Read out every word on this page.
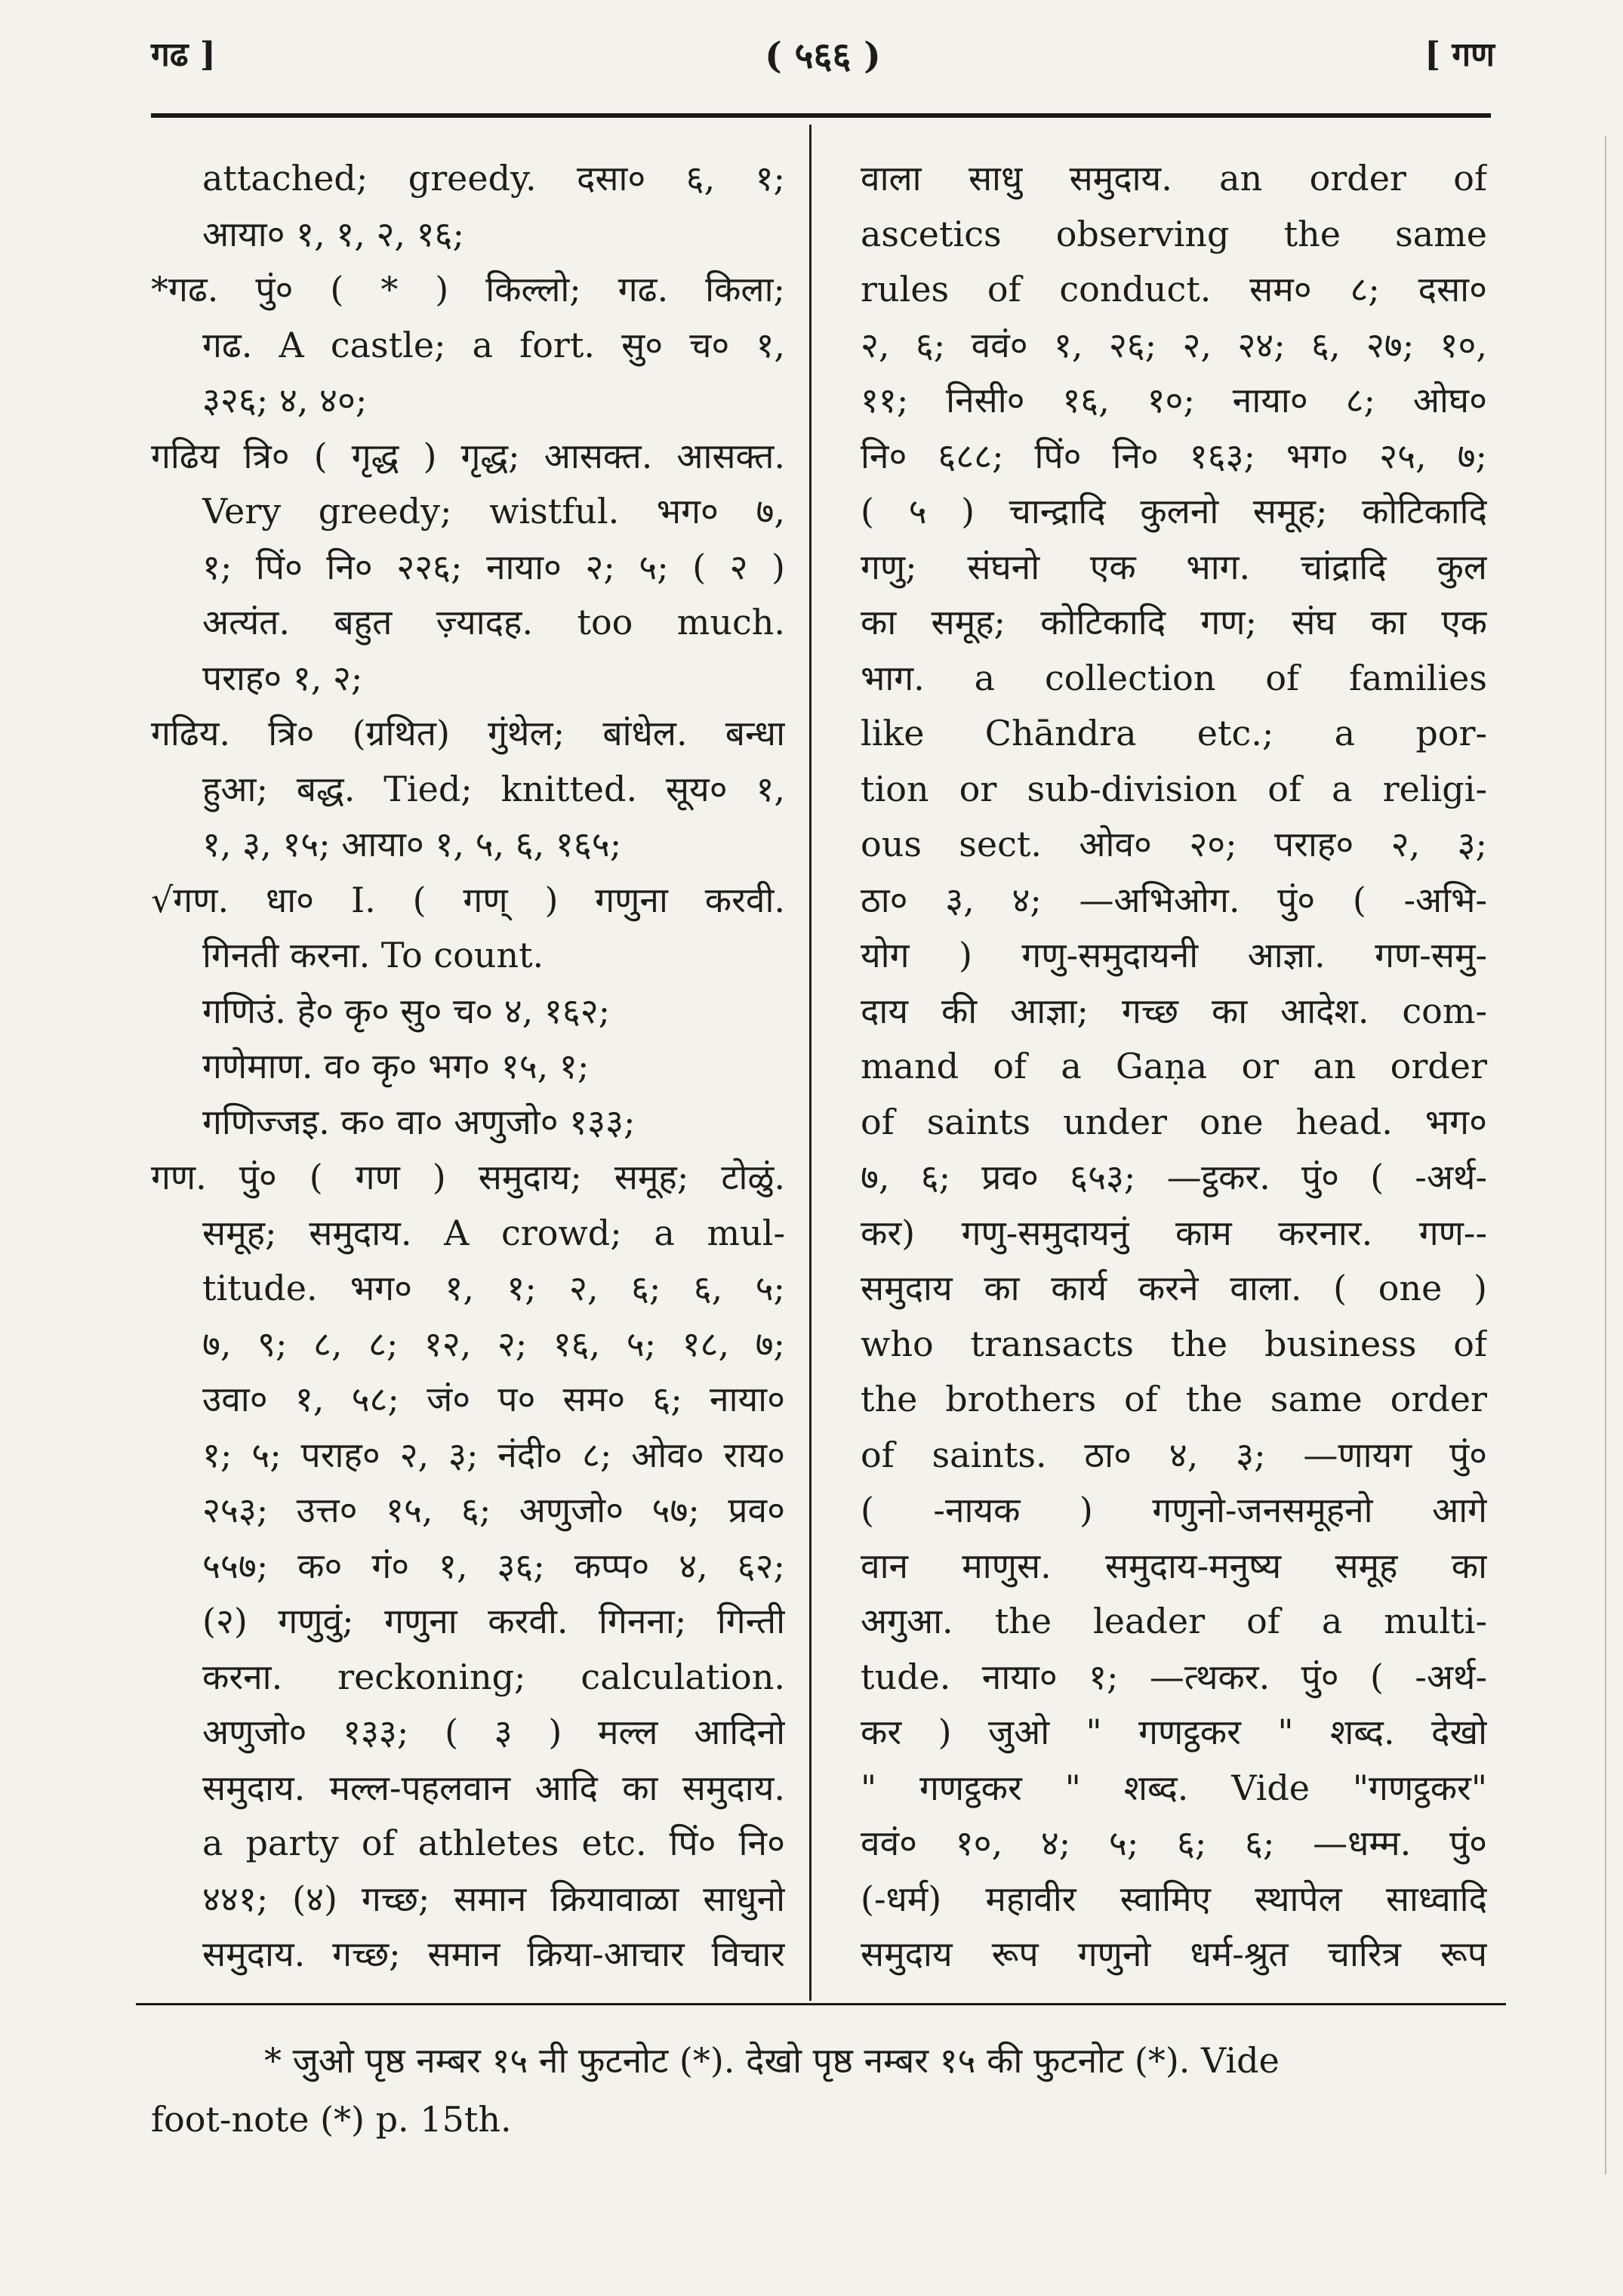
गढ ]	( ५६६ )	[ गण
attached; greedy. दसा० ६, १;
आया० १, १, २, १६;
*गढ. पुं० ( * ) किल्लो; गढ. किला;
गढ. A castle; a fort. सु० च० १,
३२६; ४, ४०;
गढिय त्रि० ( गृद्ध ) गृद्ध; आसक्त. आसक्त.
Very greedy; wistful. भग० ७,
१; पिं० नि० २२६; नाया० २; ५; ( २ )
अत्यंत. बहुत ज़्यादह. too much.
पराह० १, २;
गढिय. त्रि० (ग्रथित) गुंथेल; बांधेल. बन्धा
हुआ; बद्ध. Tied; knitted. सूय० १,
१, ३, १५; आया० १, ५, ६, १६५;
√गण. धा० I. ( गण् ) गणुना करवी.
गिनती करना. To count.
गणिउं. हे० कृ० सु० च० ४, १६२;
गणेमाण. व० कृ० भग० १५, १;
गणिज्जइ. क० वा० अणुजो० १३३;
गण. पुं० ( गण ) समुदाय; समूह; टोळुं.
समूह; समुदाय. A crowd; a mul-
titude. भग० १, १; २, ६; ६, ५;
७, ९; ८, ८; १२, २; १६, ५; १८, ७;
उवा० १, ५८; जं० प० सम० ६; नाया०
१; ५; पराह० २, ३; नंदी० ८; ओव० राय०
२५३; उत्त० १५, ६; अणुजो० ५७; प्रव०
५५७; क० गं० १, ३६; कप्प० ४, ६२;
(२) गणुवुं; गणुना करवी. गिनना; गिन्ती
करना. reckoning; calculation.
अणुजो० १३३; ( ३ ) मल्ल आदिनो
समुदाय. मल्ल-पहलवान आदि का समुदाय.
a party of athletes etc. पिं० नि०
४४१; (४) गच्छ; समान क्रियावाळा साधुनो
समुदाय. गच्छ; समान क्रिया-आचार विचार
वाला साधु समुदाय. an order of
ascetics observing the same
rules of conduct. सम० ८; दसा०
२, ६; ववं० १, २६; २, २४; ६, २७; १०,
११; निसी० १६, १०; नाया० ८; ओघ०
नि० ६८८; पिं० नि० १६३; भग० २५, ७;
( ५ ) चान्द्रादि कुलनो समूह; कोटिकादि
गणु; संघनो एक भाग. चांद्रादि कुल
का समूह; कोटिकादि गण; संघ का एक
भाग. a collection of families
like Chāndra etc.; a por-
tion or sub-division of a religi-
ous sect. ओव० २०; पराह० २, ३;
ठा० ३, ४; —अभिओग. पुं० ( -अभि-
योग ) गणु-समुदायनी आज्ञा. गण-समु-
दाय की आज्ञा; गच्छ का आदेश. com-
mand of a Gaṇa or an order
of saints under one head. भग०
७, ६; प्रव० ६५३; —ट्ठकर. पुं० ( -अर्थ-
कर) गणु-समुदायनुं काम करनार. गण--
समुदाय का कार्य करने वाला. ( one )
who transacts the business of
the brothers of the same order
of saints. ठा० ४, ३; —णायग पुं०
( -नायक ) गणुनो-जनसमूहनो आगे
वान माणुस. समुदाय-मनुष्य समूह का
अगुआ. the leader of a multi-
tude. नाया० १; —त्थकर. पुं० ( -अर्थ-
कर ) जुओ " गणट्ठकर " शब्द. देखो
" गणट्ठकर " शब्द. Vide "गणट्ठकर"
ववं० १०, ४; ५; ६; ६; —धम्म. पुं०
(-धर्म) महावीर स्वामिए स्थापेल साध्वादि
समुदाय रूप गणुनो धर्म-श्रुत चारित्र रूप
* जुओ पृष्ठ नम्बर १५ नी फुटनोट (*). देखो पृष्ठ नम्बर १५ की फुटनोट (*). Vide
foot-note (*) p. 15th.
